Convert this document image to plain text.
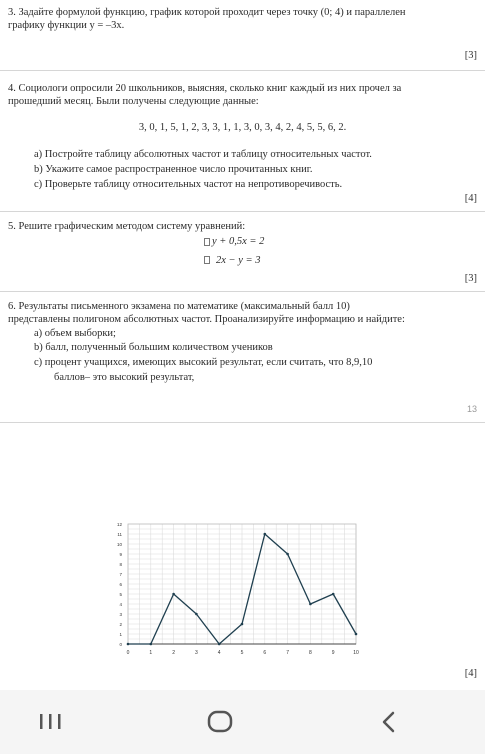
3. Задайте формулой функцию, график которой проходит через точку (0; 4) и параллелен
графику функции y = –3x.
[3]
4. Социологи опросили 20 школьников, выясняя, сколько книг каждый из них прочел за
прошедший месяц. Были получены следующие данные:
3, 0, 1, 5, 1, 2, 3, 3, 1, 1, 3, 0, 3, 4, 2, 4, 5, 5, 6, 2.
a) Постройте таблицу абсолютных частот и таблицу относительных частот.
b) Укажите самое распространенное число прочитанных книг.
c) Проверьте таблицу относительных частот на непротиворечивость.
[4]
5. Решите графическим методом систему уравнений:
y + 0,5x = 2
2x − y = 3
[3]
6. Результаты письменного экзамена по математике (максимальный балл 10)
представлены полигоном абсолютных частот. Проанализируйте информацию и найдите:
a) объем выборки;
b) балл, полученный большим количеством учеников
c) процент учащихся, имеющих высокий результат, если считать, что 8,9,10
баллов– это высокий результат,
13
0	1	2	3	4	5	6	7	8	9	10
0
1
2
3
4
5
6
7
8
9
10
11
12
[4]
